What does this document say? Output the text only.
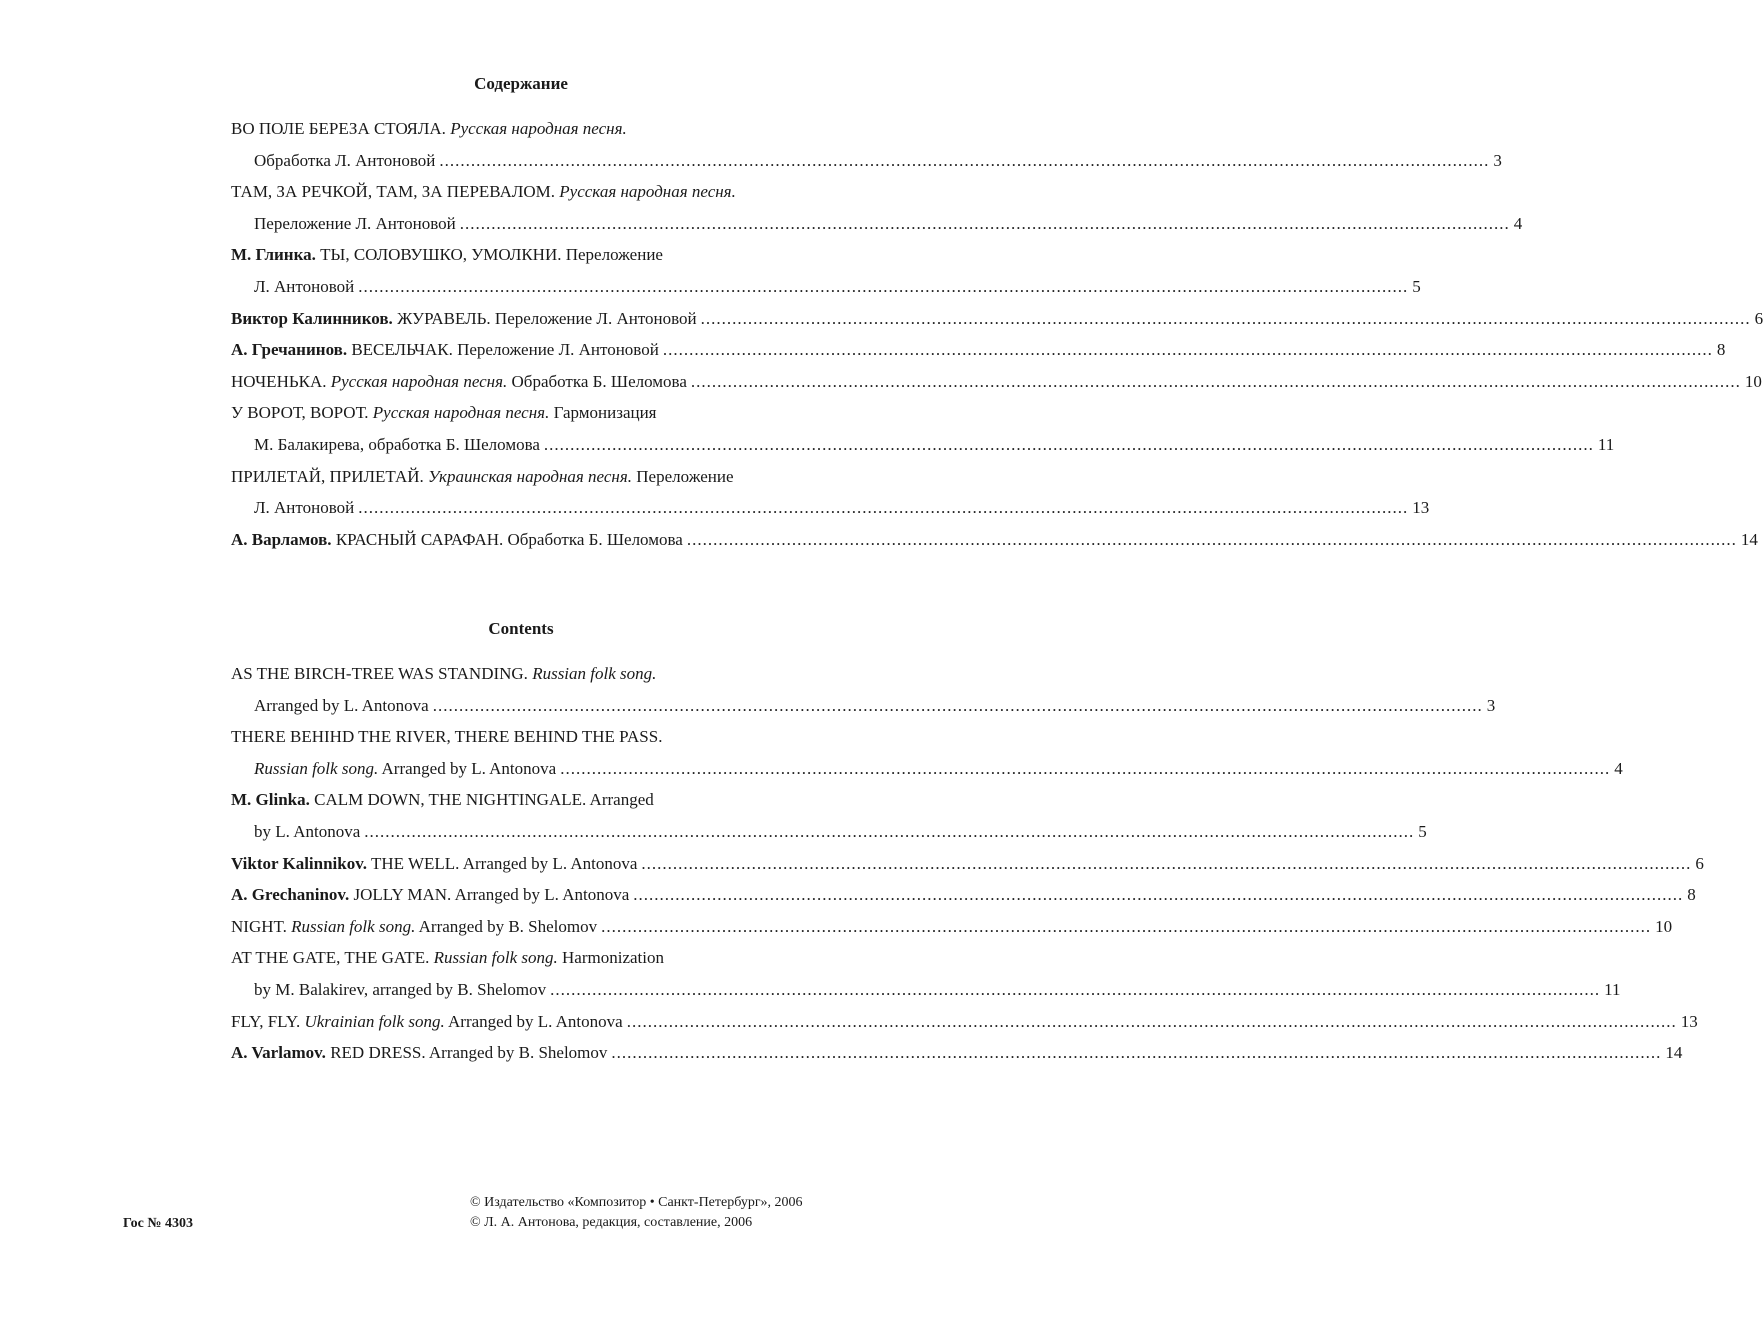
Содержание
ВО ПОЛЕ БЕРЕЗА СТОЯЛА. Русская народная песня.
Обработка Л. Антоновой ........................................................................................................................................................................................................ 3
ТАМ, ЗА РЕЧКОЙ, ТАМ, ЗА ПЕРЕВАЛОМ. Русская народная песня.
Переложение Л. Антоновой ........................................................................................................................................................................................................ 4
М. Глинка. ТЫ, СОЛОВУШКО, УМОЛКНИ. Переложение
Л. Антоновой ........................................................................................................................................................................................................ 5
Виктор Калинников. ЖУРАВЕЛЬ. Переложение Л. Антоновой ........................................................................................................................................................................................................ 6
А. Гречанинов. ВЕСЕЛЬЧАК. Переложение Л. Антоновой ........................................................................................................................................................................................................ 8
НОЧЕНЬКА. Русская народная песня. Обработка Б. Шеломова ........................................................................................................................................................................................................ 10
У ВОРОТ, ВОРОТ. Русская народная песня. Гармонизация
М. Балакирева, обработка Б. Шеломова ........................................................................................................................................................................................................ 11
ПРИЛЕТАЙ, ПРИЛЕТАЙ. Украинская народная песня. Переложение
Л. Антоновой ........................................................................................................................................................................................................ 13
А. Варламов. КРАСНЫЙ САРАФАН. Обработка Б. Шеломова ........................................................................................................................................................................................................ 14
Contents
AS THE BIRCH-TREE WAS STANDING. Russian folk song.
Arranged by L. Antonova ........................................................................................................................................................................................................ 3
THERE BEHIHD THE RIVER, THERE BEHIND THE PASS.
Russian folk song. Arranged by L. Antonova ........................................................................................................................................................................................................ 4
M. Glinka. CALM DOWN, THE NIGHTINGALE. Arranged
by L. Antonova ........................................................................................................................................................................................................ 5
Viktor Kalinnikov. THE WELL. Arranged by L. Antonova ........................................................................................................................................................................................................ 6
A. Grechaninov. JOLLY MAN. Arranged by L. Antonova ........................................................................................................................................................................................................ 8
NIGHT. Russian folk song. Arranged by B. Shelomov ........................................................................................................................................................................................................ 10
AT THE GATE, THE GATE. Russian folk song. Harmonization
by M. Balakirev, arranged by B. Shelomov ........................................................................................................................................................................................................ 11
FLY, FLY. Ukrainian folk song. Arranged by L. Antonova ........................................................................................................................................................................................................ 13
A. Varlamov. RED DRESS. Arranged by B. Shelomov ........................................................................................................................................................................................................ 14
Гос № 4303
© Издательство «Композитор • Санкт-Петербург», 2006
© Л. А. Антонова, редакция, составление, 2006
